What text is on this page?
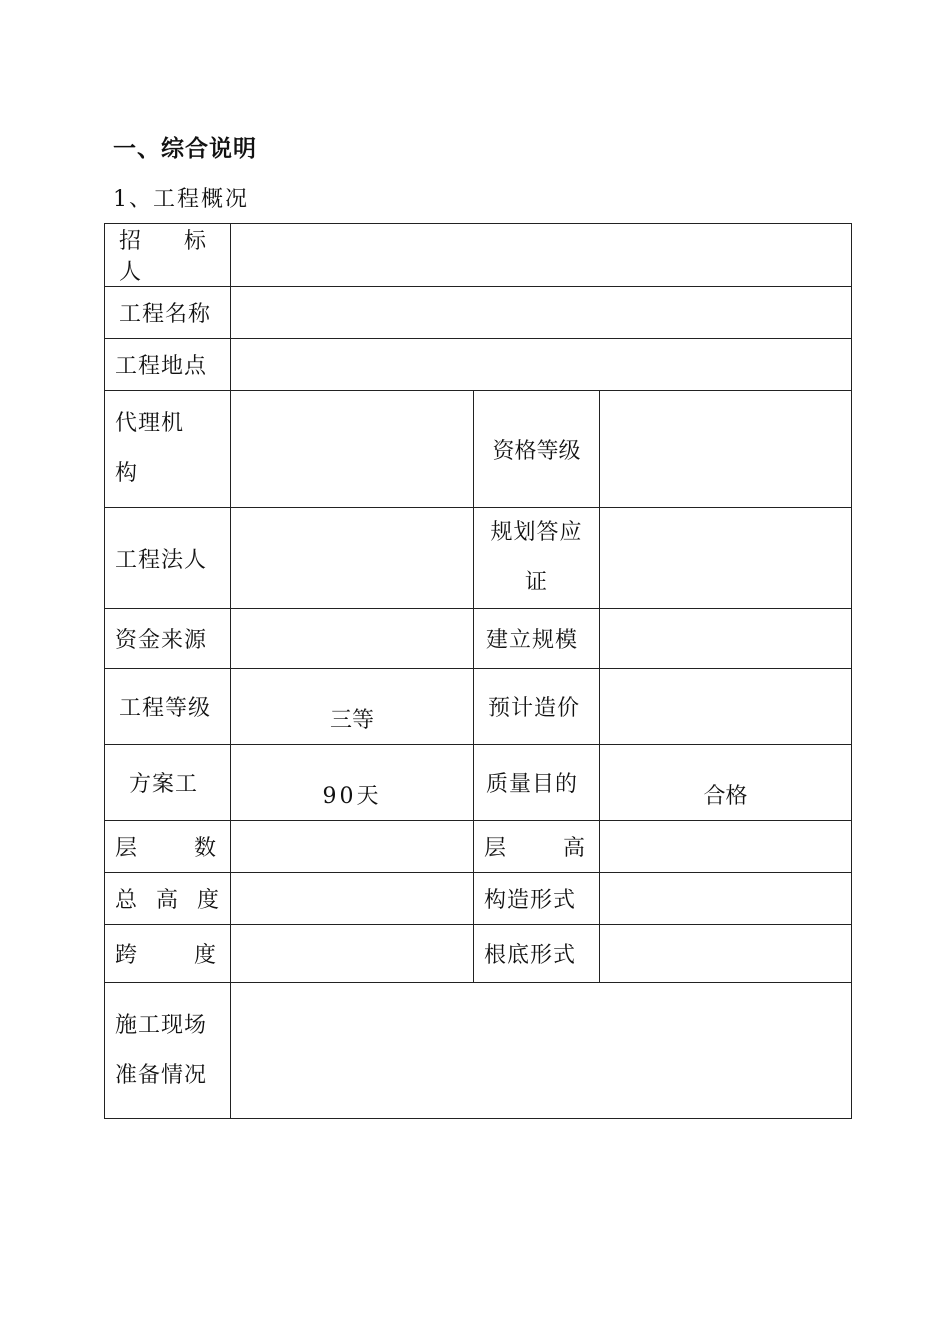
一、综合说明
1、工程概况
招 标 人			
工程名称			
工程地点			

代理机
构		资格等级	
工程法人		规划答应
证	

资金来源		建立规模	
工程等级	三等	预计造价	
方案工	90天	质量目的	合格

层 数		层 高	

总 高 度		构造形式	

跨 度		根底形式	

施工现场
准备情况			
